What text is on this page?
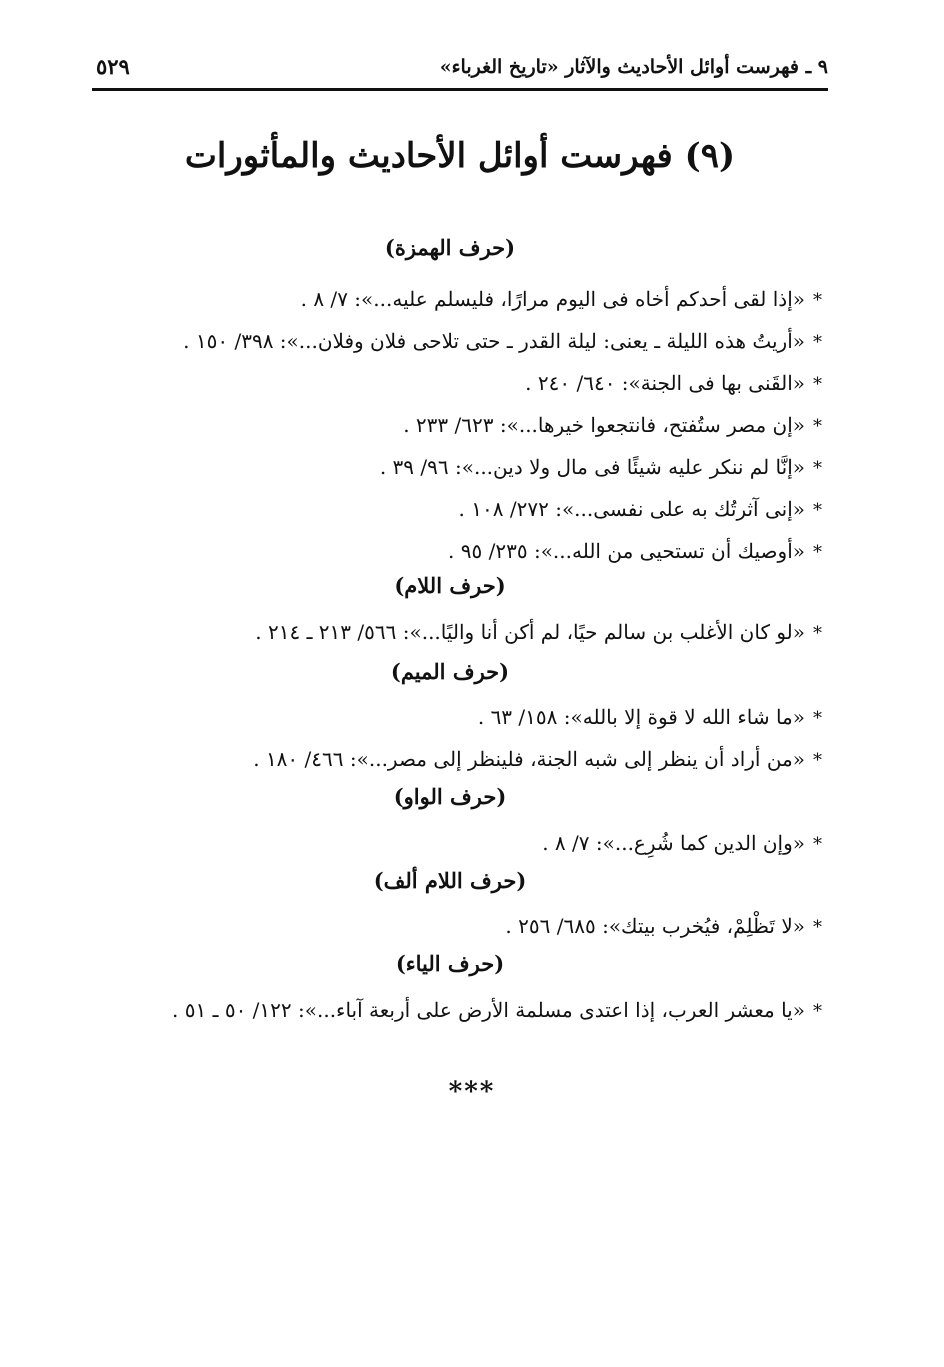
٩ ـ فهرست أوائل الأحاديث والآثار «تاريخ الغرباء»
٥٢٩
(٩) فهرست أوائل الأحاديث والمأثورات
(حرف الهمزة)
*«إذا لقى أحدكم أخاه فى اليوم مرارًا، فليسلم عليه...»: ٧/ ٨ .
*«أريتُ هذه الليلة ـ يعنى: ليلة القدر ـ حتى تلاحى فلان وفلان...»: ٣٩٨/ ١٥٠ .
*«القَنى بها فى الجنة»: ٦٤٠/ ٢٤٠ .
*«إن مصر ستُفتح، فانتجعوا خيرها...»: ٦٢٣/ ٢٣٣ .
*«إنَّا لم ننكر عليه شيئًا فى مال ولا دين...»: ٩٦/ ٣٩ .
*«إنى آثرتُك به على نفسى...»: ٢٧٢/ ١٠٨ .
*«أوصيك أن تستحيى من الله...»: ٢٣٥/ ٩٥ .
(حرف اللام)
*«لو كان الأغلب بن سالم حيًا، لم أكن أنا واليًا...»: ٥٦٦/ ٢١٣ ـ ٢١٤ .
(حرف الميم)
*«ما شاء الله لا قوة إلا بالله»: ١٥٨/ ٦٣ .
*«من أراد أن ينظر إلى شبه الجنة، فلينظر إلى مصر...»: ٤٦٦/ ١٨٠ .
(حرف الواو)
*«وإن الدين كما شُرِع...»: ٧/ ٨ .
(حرف اللام ألف)
*«لا تَظْلِمْ، فيُخرب بيتك»: ٦٨٥/ ٢٥٦ .
(حرف الياء)
*«يا معشر العرب، إذا اعتدى مسلمة الأرض على أربعة آباء...»: ١٢٢/ ٥٠ ـ ٥١ .
***
